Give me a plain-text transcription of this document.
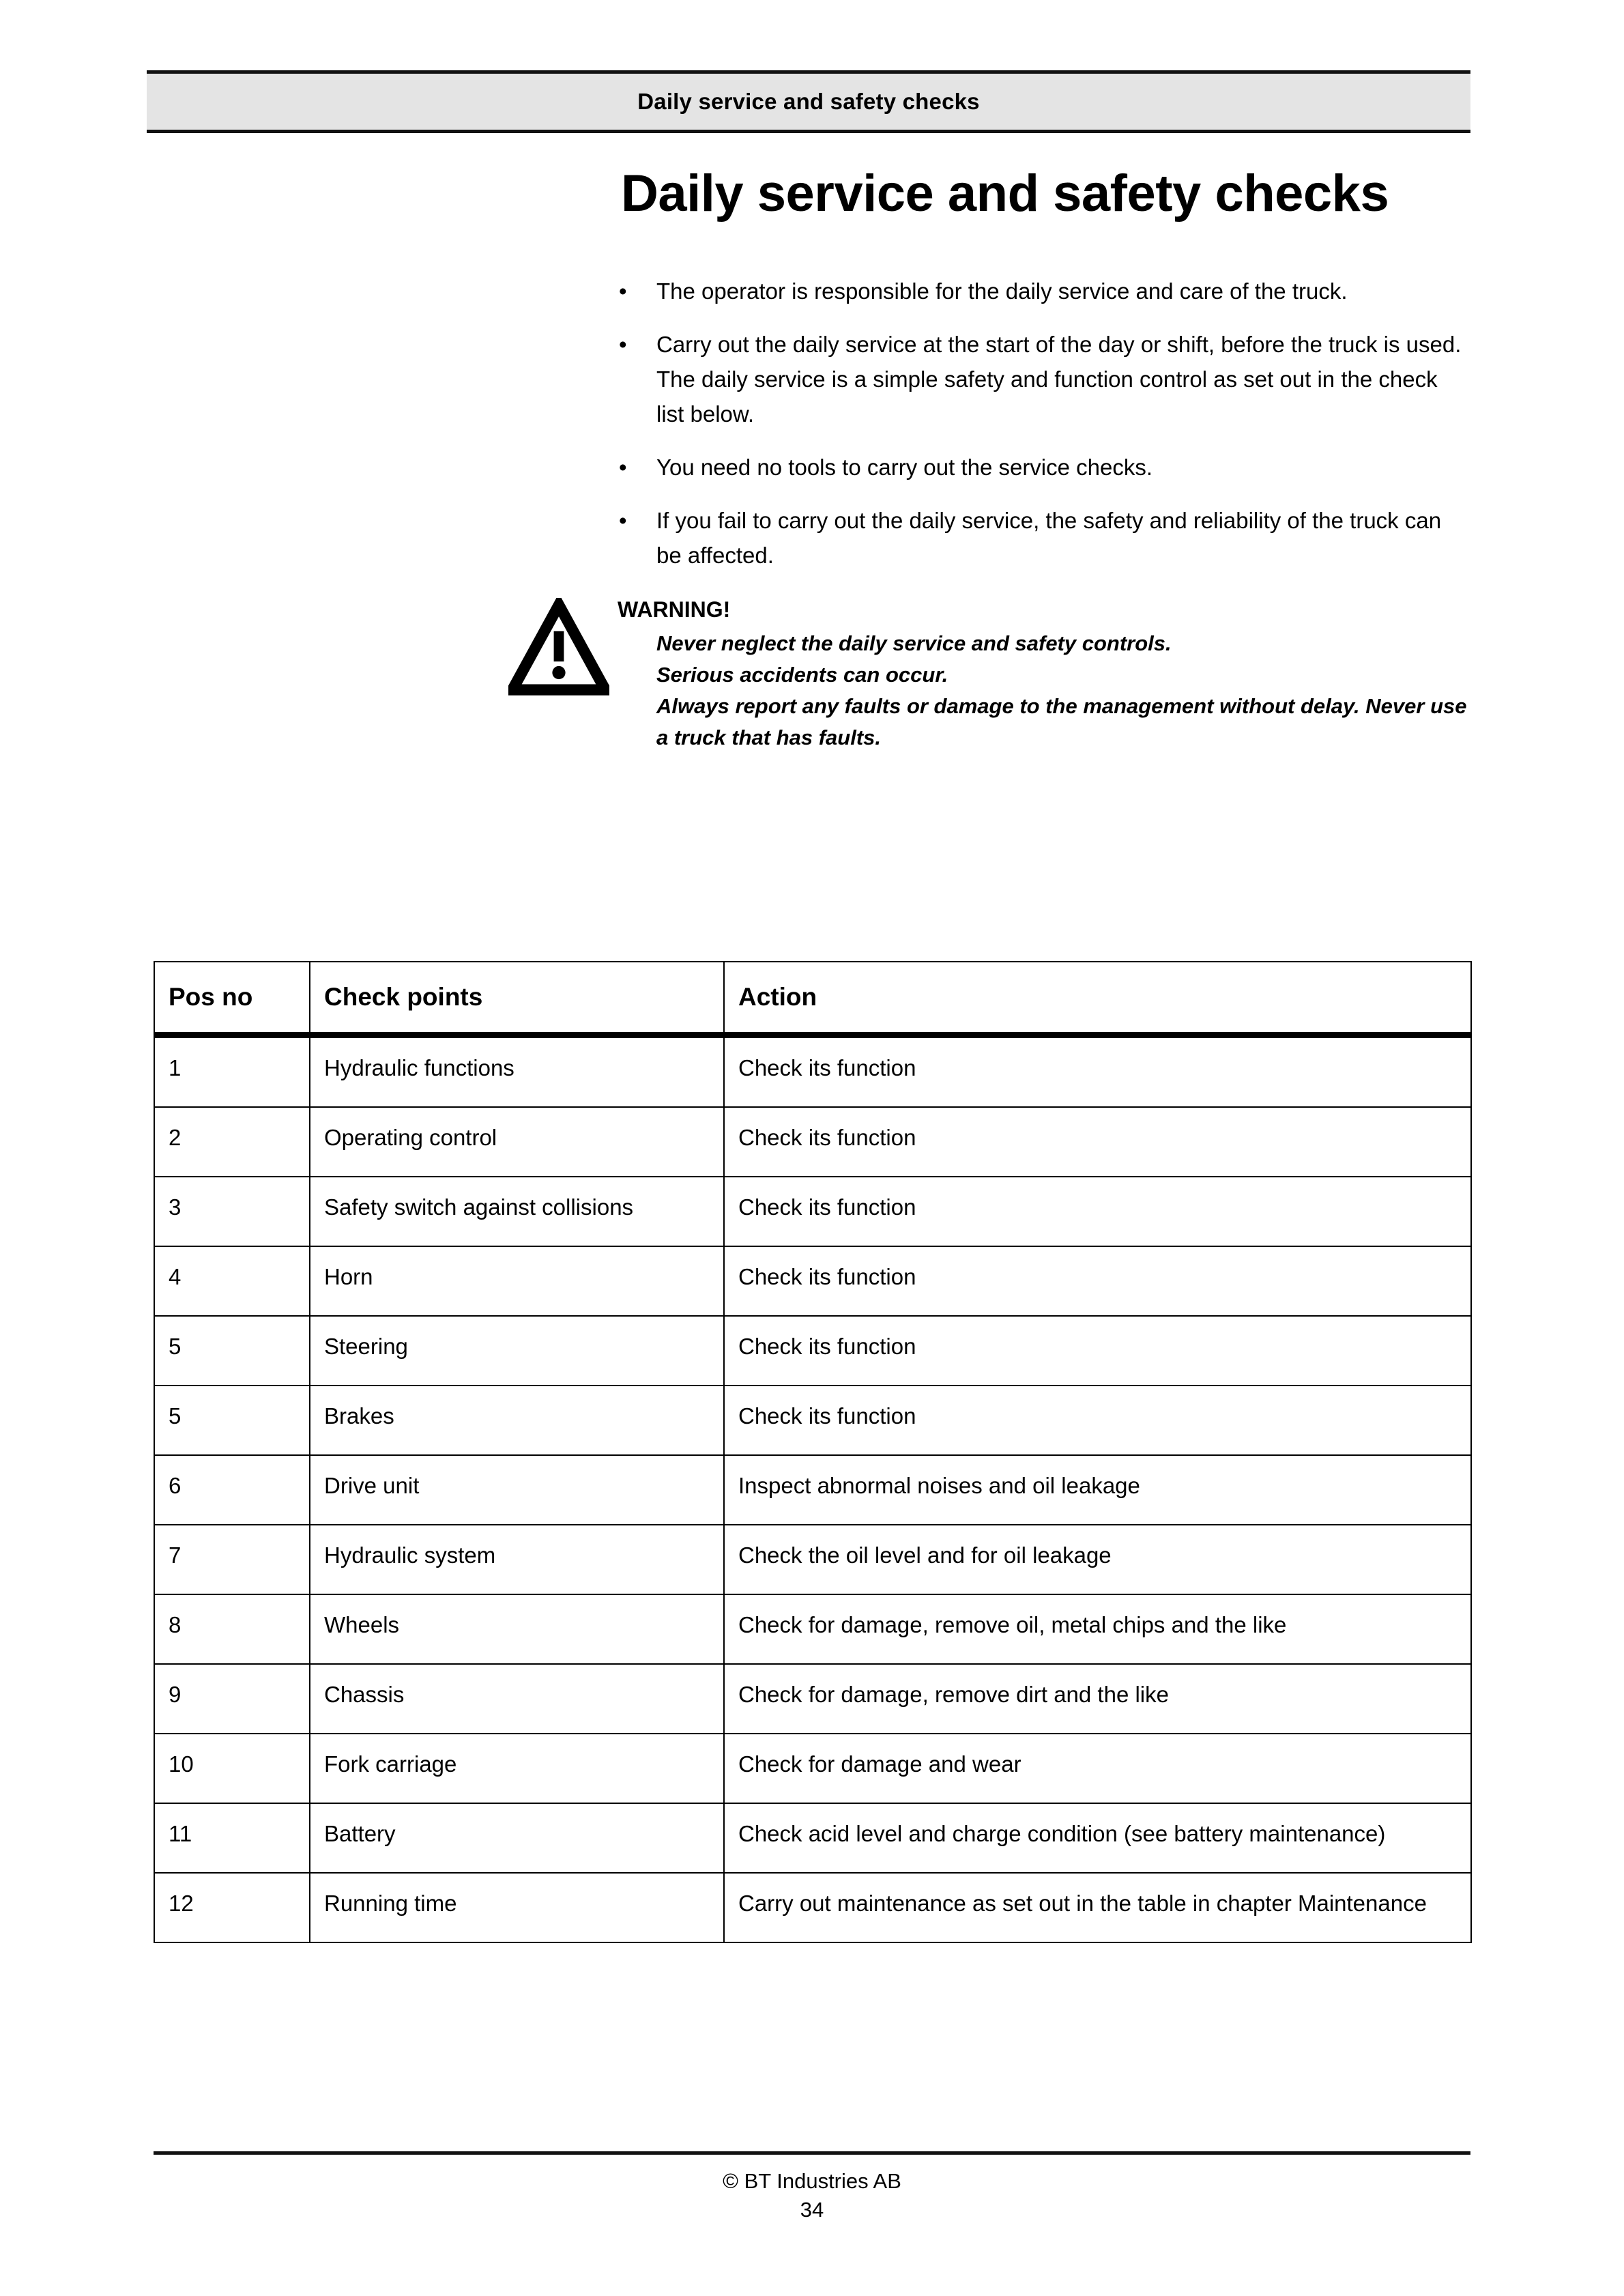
Daily service and safety checks
Daily service and safety checks
•	The operator is responsible for the daily service and care of the truck.
•	Carry out the daily service at the start of the day or shift, before the truck is used. The daily service is a simple safety and function control as set out in the check list below.
•	You need no tools to carry out the service checks.
•	If you fail to carry out the daily service, the safety and reliability of the truck can be affected.
WARNING!
Never neglect the daily service and safety controls.
Serious accidents can occur.
Always report any faults or damage to the management without delay. Never use a truck that has faults.
Pos no	Check points	Action
1	Hydraulic functions	Check its function
2	Operating control	Check its function
3	Safety switch against collisions	Check its function
4	Horn	Check its function
5	Steering	Check its function
5	Brakes	Check its function
6	Drive unit	Inspect abnormal noises and oil leakage
7	Hydraulic system	Check the oil level and for oil leakage
8	Wheels	Check for damage, remove oil, metal chips and the like
9	Chassis	Check for damage, remove dirt and the like
10	Fork carriage	Check for damage and wear
11	Battery	Check acid level and charge condition (see battery maintenance)
12	Running time	Carry out maintenance as set out in the table in chapter Maintenance
© BT Industries AB
34
